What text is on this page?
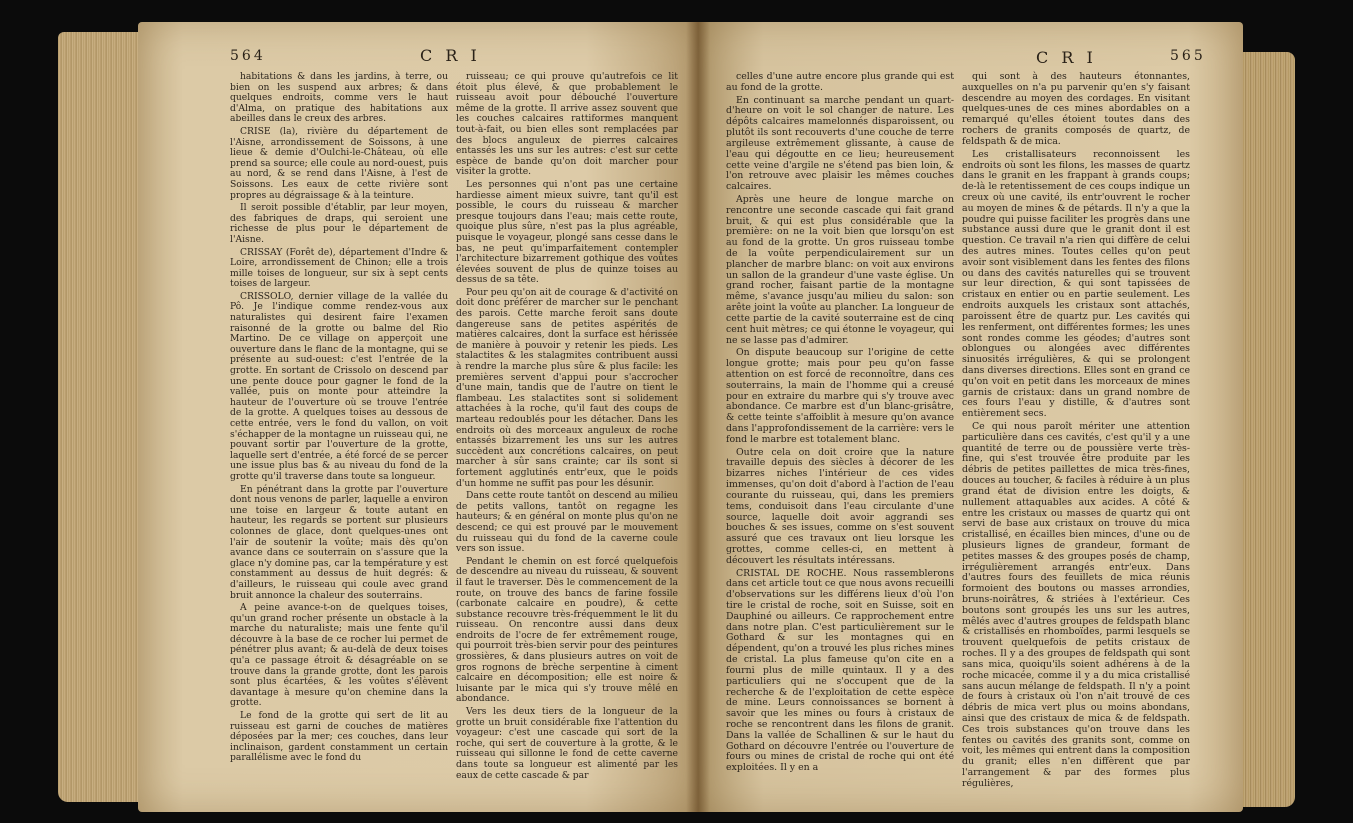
564	C R I

habitations & dans les jardins, à terre, ou bien on les suspend aux arbres; & dans quelques endroits, comme vers le haut d'Alma, on pratique des habitations aux abeilles dans le creux des arbres.

CRISE (la), rivière du département de l'Aisne, arrondissement de Soissons, à une lieue & demie d'Oulchi-le-Château, où elle prend sa source; elle coule au nord-ouest, puis au nord, & se rend dans l'Aisne, à l'est de Soissons. Les eaux de cette rivière sont propres au dégraissage & à la teinture.

Il seroit possible d'établir, par leur moyen, des fabriques de draps, qui seroient une richesse de plus pour le département de l'Aisne.

CRISSAY (Forêt de), département d'Indre & Loire, arrondissement de Chinon; elle a trois mille toises de longueur, sur six à sept cents toises de largeur.

CRISSOLO, dernier village de la vallée du Pô. Je l'indique comme rendez-vous aux naturalistes qui desirent faire l'examen raisonné de la grotte ou balme del Rio Martino. De ce village on apperçoit une ouverture dans le flanc de la montagne, qui se présente au sud-ouest: c'est l'entrée de la grotte. En sortant de Crissolo on descend par une pente douce pour gagner le fond de la vallée, puis on monte pour atteindre la hauteur de l'ouverture où se trouve l'entrée de la grotte. A quelques toises au dessous de cette entrée, vers le fond du vallon, on voit s'échapper de la montagne un ruisseau qui, ne pouvant sortir par l'ouverture de la grotte, laquelle sert d'entrée, a été forcé de se percer une issue plus bas & au niveau du fond de la grotte qu'il traverse dans toute sa longueur.

En pénétrant dans la grotte par l'ouverture dont nous venons de parler, laquelle a environ une toise en largeur & toute autant en hauteur, les regards se portent sur plusieurs colonnes de glace, dont quelques-unes ont l'air de soutenir la voûte; mais dès qu'on avance dans ce souterrain on s'assure que la glace n'y domine pas, car la température y est constamment au dessus de huit degrés: & d'ailleurs, le ruisseau qui coule avec grand bruit annonce la chaleur des souterrains.

A peine avance-t-on de quelques toises, qu'un grand rocher présente un obstacle à la marche du naturaliste; mais une fente qu'il découvre à la base de ce rocher lui permet de pénétrer plus avant; & au-delà de deux toises qu'a ce passage étroit & désagréable on se trouve dans la grande grotte, dont les parois sont plus écartées, & les voûtes s'élèvent davantage à mesure qu'on chemine dans la grotte.

Le fond de la grotte qui sert de lit au ruisseau est garni de couches de matières déposées par la mer; ces couches, dans leur inclinaison, gardent constamment un certain parallélisme avec le fond du

ruisseau; ce qui prouve qu'autrefois ce lit étoit plus élevé, & que probablement le ruisseau avoit pour débouché l'ouverture même de la grotte. Il arrive assez souvent que les couches calcaires rattiformes manquent tout-à-fait, ou bien elles sont remplacées par des blocs anguleux de pierres calcaires entassés les uns sur les autres: c'est sur cette espèce de bande qu'on doit marcher pour visiter la grotte.

Les personnes qui n'ont pas une certaine hardiesse aiment mieux suivre, tant qu'il est possible, le cours du ruisseau & marcher presque toujours dans l'eau; mais cette route, quoique plus sûre, n'est pas la plus agréable, puisque le voyageur, plongé sans cesse dans le bas, ne peut qu'imparfaitement contempler l'architecture bizarrement gothique des voûtes élevées souvent de plus de quinze toises au dessus de sa tête.

Pour peu qu'on ait de courage & d'activité on doit donc préférer de marcher sur le penchant des parois. Cette marche feroit sans doute dangereuse sans de petites aspérités de matières calcaires, dont la surface est hérissée de manière à pouvoir y retenir les pieds. Les stalactites & les stalagmites contribuent aussi à rendre la marche plus sûre & plus facile: les premières servent d'appui pour s'accrocher d'une main, tandis que de l'autre on tient le flambeau. Les stalactites sont si solidement attachées à la roche, qu'il faut des coups de marteau redoublés pour les détacher. Dans les endroits où des morceaux anguleux de roche entassés bizarrement les uns sur les autres succèdent aux concrétions calcaires, on peut marcher à sûr sans crainte; car ils sont si fortement agglutinés entr'eux, que le poids d'un homme ne suffit pas pour les désunir.

Dans cette route tantôt on descend au milieu de petits vallons, tantôt on regagne les hauteurs; & en général on monte plus qu'on ne descend; ce qui est prouvé par le mouvement du ruisseau qui du fond de la caverne coule vers son issue.

Pendant le chemin on est forcé quelquefois de descendre au niveau du ruisseau, & souvent il faut le traverser. Dès le commencement de la route, on trouve des bancs de farine fossile (carbonate calcaire en poudre), & cette substance recouvre très-fréquemment le lit du ruisseau. On rencontre aussi dans deux endroits de l'ocre de fer extrêmement rouge, qui pourroit très-bien servir pour des peintures grossières, & dans plusieurs autres on voit de gros rognons de brèche serpentine à ciment calcaire en décomposition; elle est noire & luisante par le mica qui s'y trouve mêlé en abondance.

Vers les deux tiers de la longueur de la grotte un bruit considérable fixe l'attention du voyageur: c'est une cascade qui sort de la roche, qui sert de couverture à la grotte, & le ruisseau qui sillonne le fond de cette caverne dans toute sa longueur est alimenté par les eaux de cette cascade & par

C R I	565

celles d'une autre encore plus grande qui est au fond de la grotte.

En continuant sa marche pendant un quart-d'heure on voit le sol changer de nature. Les dépôts calcaires mamelonnés disparoissent, ou plutôt ils sont recouverts d'une couche de terre argileuse extrêmement glissante, à cause de l'eau qui dégoutte en ce lieu; heureusement cette veine d'argile ne s'étend pas bien loin, & l'on retrouve avec plaisir les mêmes couches calcaires.

Après une heure de longue marche on rencontre une seconde cascade qui fait grand bruit, & qui est plus considérable que la première: on ne la voit bien que lorsqu'on est au fond de la grotte. Un gros ruisseau tombe de la voûte perpendiculairement sur un plancher de marbre blanc: on voit aux environs un sallon de la grandeur d'une vaste église. Un grand rocher, faisant partie de la montagne même, s'avance jusqu'au milieu du salon: son arête joint la voûte au plancher. La longueur de cette partie de la cavité souterraine est de cinq cent huit mètres; ce qui étonne le voyageur, qui ne se lasse pas d'admirer.

On dispute beaucoup sur l'origine de cette longue grotte; mais pour peu qu'on fasse attention on est forcé de reconnoître, dans ces souterrains, la main de l'homme qui a creusé pour en extraire du marbre qui s'y trouve avec abondance. Ce marbre est d'un blanc-grisâtre, & cette teinte s'affoiblit à mesure qu'on avance dans l'approfondissement de la carrière: vers le fond le marbre est totalement blanc.

Outre cela on doit croire que la nature travaille depuis des siècles à décorer de les bizarres niches l'intérieur de ces vides immenses, qu'on doit d'abord à l'action de l'eau courante du ruisseau, qui, dans les premiers tems, conduisoit dans l'eau circulante d'une source, laquelle doit avoir aggrandi ses bouches & ses issues, comme on s'est souvent assuré que ces travaux ont lieu lorsque les grottes, comme celles-ci, en mettent à découvert les résultats intéressans.

CRISTAL DE ROCHE. Nous rassemblerons dans cet article tout ce que nous avons recueilli d'observations sur les différens lieux d'où l'on tire le cristal de roche, soit en Suisse, soit en Dauphiné ou ailleurs. Ce rapprochement entre dans notre plan. C'est particulièrement sur le Gothard & sur les montagnes qui en dépendent, qu'on a trouvé les plus riches mines de cristal. La plus fameuse qu'on cite en a fourni plus de mille quintaux. Il y a des particuliers qui ne s'occupent que de la recherche & de l'exploitation de cette espèce de mine. Leurs connoissances se bornent à savoir que les mines ou fours à cristaux de roche se rencontrent dans les filons de granit. Dans la vallée de Schallinen & sur le haut du Gothard on découvre l'entrée ou l'ouverture de fours ou mines de cristal de roche qui ont été exploitées. Il y en a

qui sont à des hauteurs étonnantes, auxquelles on n'a pu parvenir qu'en s'y faisant descendre au moyen des cordages. En visitant quelques-unes de ces mines abordables on a remarqué qu'elles étoient toutes dans des rochers de granits composés de quartz, de feldspath & de mica.

Les cristallisateurs reconnoissent les endroits où sont les filons, les masses de quartz dans le granit en les frappant à grands coups; de-là le retentissement de ces coups indique un creux où une cavité, ils entr'ouvrent le rocher au moyen de mines & de pétards. Il n'y a que la poudre qui puisse faciliter les progrès dans une substance aussi dure que le granit dont il est question. Ce travail n'a rien qui diffère de celui des autres mines. Toutes celles qu'on peut avoir sont visiblement dans les fentes des filons ou dans des cavités naturelles qui se trouvent sur leur direction, & qui sont tapissées de cristaux en entier ou en partie seulement. Les endroits auxquels les cristaux sont attachés, paroissent être de quartz pur. Les cavités qui les renferment, ont différentes formes; les unes sont rondes comme les géodes; d'autres sont oblongues ou alongées avec différentes sinuosités irrégulières, & qui se prolongent dans diverses directions. Elles sont en grand ce qu'on voit en petit dans les morceaux de mines garnis de cristaux: dans un grand nombre de ces fours l'eau y distille, & d'autres sont entièrement secs.

Ce qui nous paroît mériter une attention particulière dans ces cavités, c'est qu'il y a une quantité de terre ou de poussière verte très-fine, qui s'est trouvée être produite par les débris de petites paillettes de mica très-fines, douces au toucher, & faciles à réduire à un plus grand état de division entre les doigts, & nullement attaquables aux acides. A côté & entre les cristaux ou masses de quartz qui ont servi de base aux cristaux on trouve du mica cristallisé, en écailles bien minces, d'une ou de plusieurs lignes de grandeur, formant de petites masses & des groupes posés de champ, irrégulièrement arrangés entr'eux. Dans d'autres fours des feuillets de mica réunis formoient des boutons ou masses arrondies, bruns-noirâtres, & striées à l'extérieur. Ces boutons sont groupés les uns sur les autres, mêlés avec d'autres groupes de feldspath blanc & cristallisés en rhomboïdes, parmi lesquels se trouvent quelquefois de petits cristaux de roches. Il y a des groupes de feldspath qui sont sans mica, quoiqu'ils soient adhérens à de la roche micacée, comme il y a du mica cristallisé sans aucun mélange de feldspath. Il n'y a point de fours à cristaux où l'on n'ait trouvé de ces débris de mica vert plus ou moins abondans, ainsi que des cristaux de mica & de feldspath. Ces trois substances qu'on trouve dans les fentes ou cavités des granits sont, comme on voit, les mêmes qui entrent dans la composition du granit; elles n'en diffèrent que par l'arrangement & par des formes plus régulières,
